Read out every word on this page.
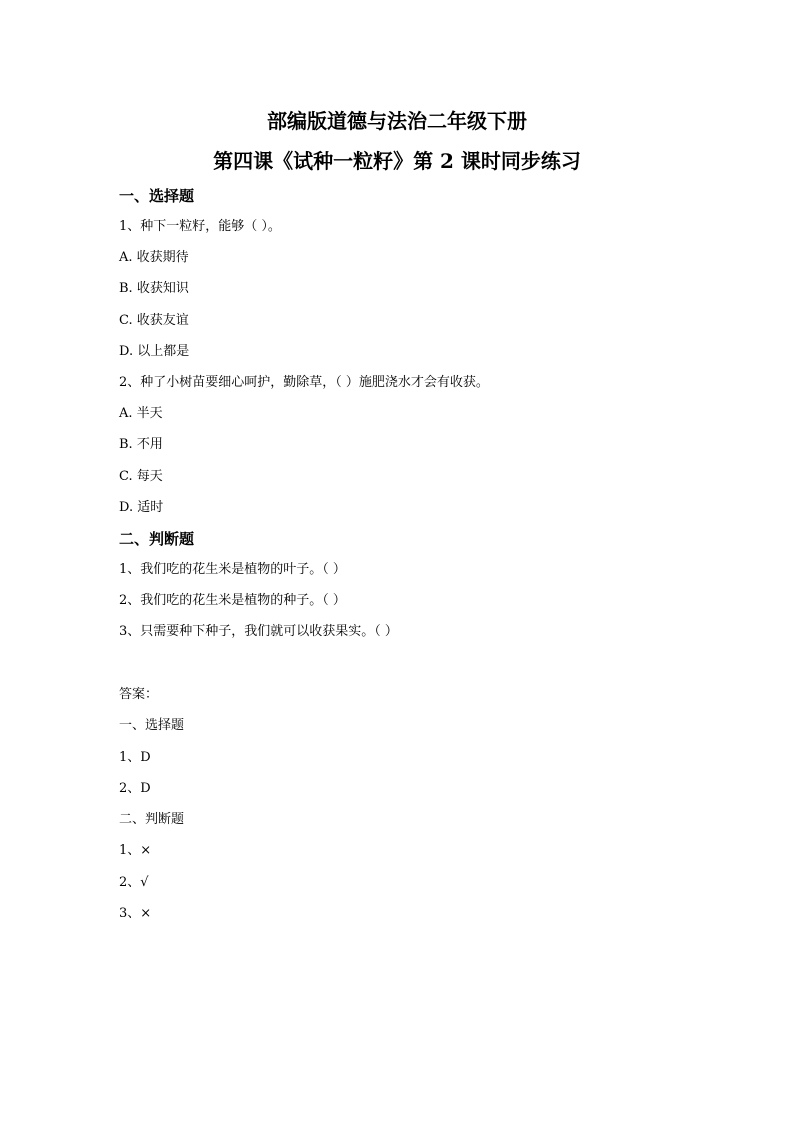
部编版道德与法治二年级下册
第四课《试种一粒籽》第 2 课时同步练习
一、选择题
1、种下一粒籽，能够（ ）。
A. 收获期待
B. 收获知识
C. 收获友谊
D. 以上都是
2、种了小树苗要细心呵护，勤除草，（ ）施肥浇水才会有收获。
A. 半天
B. 不用
C. 每天
D. 适时
二、判断题
1、我们吃的花生米是植物的叶子。（ ）
2、我们吃的花生米是植物的种子。（ ）
3、只需要种下种子，我们就可以收获果实。（ ）
答案：
一、选择题
1、D
2、D
二、判断题
1、×
2、√
3、×
